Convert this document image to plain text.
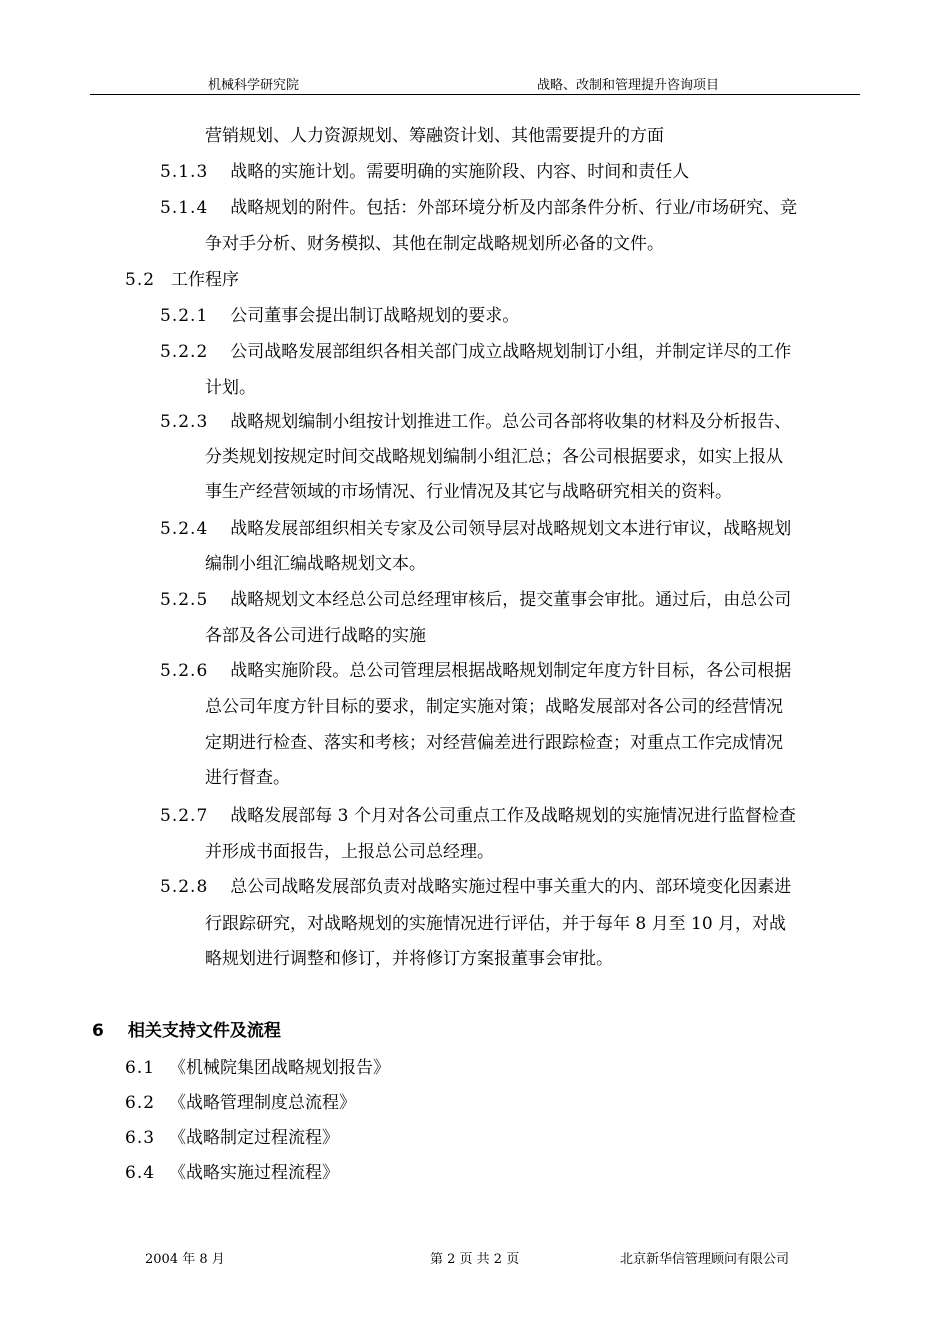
机械科学研究院	战略、改制和管理提升咨询项目
营销规划、人力资源规划、筹融资计划、其他需要提升的方面
5.1.3 战略的实施计划。需要明确的实施阶段、内容、时间和责任人
5.1.4 战略规划的附件。包括：外部环境分析及内部条件分析、行业/市场研究、竞
争对手分析、财务模拟、其他在制定战略规划所必备的文件。
5.2 工作程序
5.2.1 公司董事会提出制订战略规划的要求。
5.2.2 公司战略发展部组织各相关部门成立战略规划制订小组，并制定详尽的工作
计划。
5.2.3 战略规划编制小组按计划推进工作。总公司各部将收集的材料及分析报告、
分类规划按规定时间交战略规划编制小组汇总；各公司根据要求，如实上报从
事生产经营领域的市场情况、行业情况及其它与战略研究相关的资料。
5.2.4 战略发展部组织相关专家及公司领导层对战略规划文本进行审议，战略规划
编制小组汇编战略规划文本。
5.2.5 战略规划文本经总公司总经理审核后，提交董事会审批。通过后，由总公司
各部及各公司进行战略的实施
5.2.6 战略实施阶段。总公司管理层根据战略规划制定年度方针目标，各公司根据
总公司年度方针目标的要求，制定实施对策；战略发展部对各公司的经营情况
定期进行检查、落实和考核；对经营偏差进行跟踪检查；对重点工作完成情况
进行督查。
5.2.7 战略发展部每 3 个月对各公司重点工作及战略规划的实施情况进行监督检查
并形成书面报告，上报总公司总经理。
5.2.8 总公司战略发展部负责对战略实施过程中事关重大的内、部环境变化因素进
行跟踪研究，对战略规划的实施情况进行评估，并于每年 8 月至 10 月，对战
略规划进行调整和修订，并将修订方案报董事会审批。
6 相关支持文件及流程
6.1 《机械院集团战略规划报告》
6.2 《战略管理制度总流程》
6.3 《战略制定过程流程》
6.4 《战略实施过程流程》
2004 年 8 月	第 2 页 共 2 页	北京新华信管理顾问有限公司
